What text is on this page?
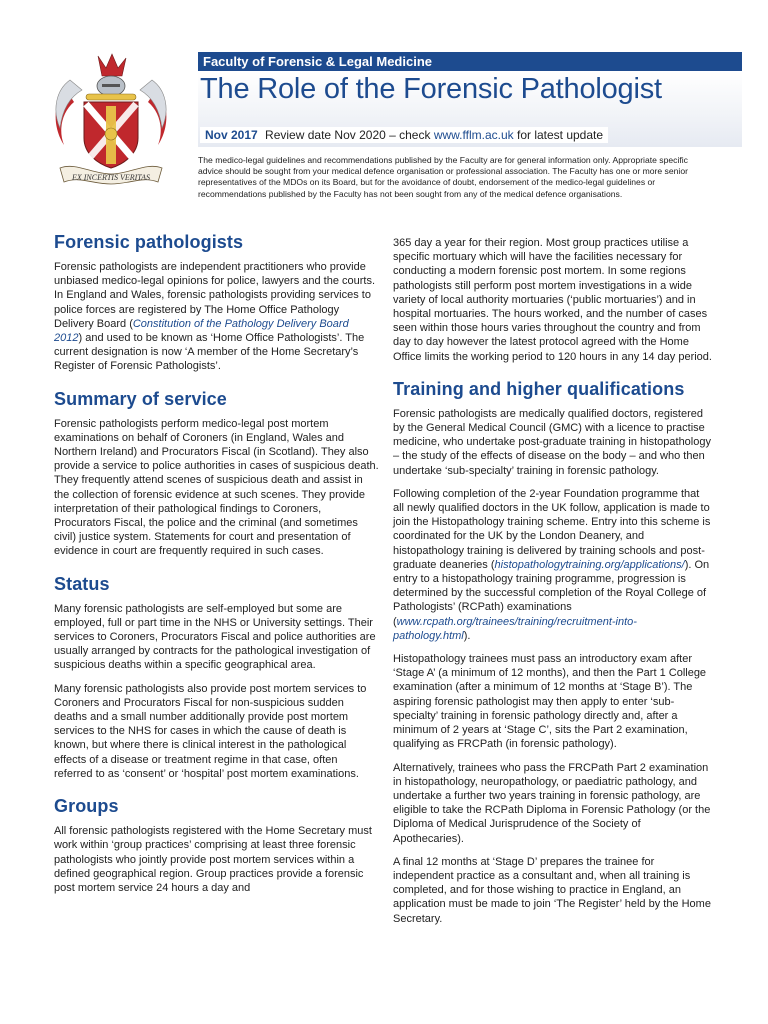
EX INCERTIS VERITAS
Faculty of Forensic & Legal Medicine
The Role of the Forensic Pathologist
Nov 2017 Review date Nov 2020 – check www.fflm.ac.uk for latest update

The medico-legal guidelines and recommendations published by the Faculty are for general information only. Appropriate specific advice should be sought from your medical defence organisation or professional association. The Faculty has one or more senior representatives of the MDOs on its Board, but for the avoidance of doubt, endorsement of the medico-legal guidelines or recommendations published by the Faculty has not been sought from any of the medical defence organisations.

Forensic pathologists

Forensic pathologists are independent practitioners who provide unbiased medico-legal opinions for police, lawyers and the courts. In England and Wales, forensic pathologists providing services to police forces are registered by The Home Office Pathology Delivery Board (Constitution of the Pathology Delivery Board 2012) and used to be known as ‘Home Office Pathologists’. The current designation is now ‘A member of the Home Secretary’s Register of Forensic Pathologists’.

Summary of service

Forensic pathologists perform medico-legal post mortem examinations on behalf of Coroners (in England, Wales and Northern Ireland) and Procurators Fiscal (in Scotland). They also provide a service to police authorities in cases of suspicious death. They frequently attend scenes of suspicious death and assist in the collection of forensic evidence at such scenes. They provide interpretation of their pathological findings to Coroners, Procurators Fiscal, the police and the criminal (and sometimes civil) justice system. Statements for court and presentation of evidence in court are frequently required in such cases.

Status

Many forensic pathologists are self-employed but some are employed, full or part time in the NHS or University settings. Their services to Coroners, Procurators Fiscal and police authorities are usually arranged by contracts for the pathological investigation of suspicious deaths within a specific geographical area.

Many forensic pathologists also provide post mortem services to Coroners and Procurators Fiscal for non-suspicious sudden deaths and a small number additionally provide post mortem services to the NHS for cases in which the cause of death is known, but where there is clinical interest in the pathological effects of a disease or treatment regime in that case, often referred to as ‘consent’ or ‘hospital’ post mortem examinations.

Groups

All forensic pathologists registered with the Home Secretary must work within ‘group practices’ comprising at least three forensic pathologists who jointly provide post mortem services within a defined geographical region. Group practices provide a forensic post mortem service 24 hours a day and

365 day a year for their region. Most group practices utilise a specific mortuary which will have the facilities necessary for conducting a modern forensic post mortem. In some regions pathologists still perform post mortem investigations in a wide variety of local authority mortuaries (‘public mortuaries’) and in hospital mortuaries. The hours worked, and the number of cases seen within those hours varies throughout the country and from day to day however the latest protocol agreed with the Home Office limits the working period to 120 hours in any 14 day period.

Training and higher qualifications

Forensic pathologists are medically qualified doctors, registered by the General Medical Council (GMC) with a licence to practise medicine, who undertake post-graduate training in histopathology – the study of the effects of disease on the body – and who then undertake ‘sub-specialty’ training in forensic pathology.

Following completion of the 2-year Foundation programme that all newly qualified doctors in the UK follow, application is made to join the Histopathology training scheme. Entry into this scheme is coordinated for the UK by the London Deanery, and histopathology training is delivered by training schools and post-graduate deaneries (histopathologytraining.org/applications/). On entry to a histopathology training programme, progression is determined by the successful completion of the Royal College of Pathologists’ (RCPath) examinations (www.rcpath.org/trainees/training/recruitment-into-pathology.html).

Histopathology trainees must pass an introductory exam after ‘Stage A’ (a minimum of 12 months), and then the Part 1 College examination (after a minimum of 12 months at ‘Stage B’). The aspiring forensic pathologist may then apply to enter ‘sub-specialty’ training in forensic pathology directly and, after a minimum of 2 years at ‘Stage C’, sits the Part 2 examination, qualifying as FRCPath (in forensic pathology).

Alternatively, trainees who pass the FRCPath Part 2 examination in histopathology, neuropathology, or paediatric pathology, and undertake a further two years training in forensic pathology, are eligible to take the RCPath Diploma in Forensic Pathology (or the Diploma of Medical Jurisprudence of the Society of Apothecaries).

A final 12 months at ‘Stage D’ prepares the trainee for independent practice as a consultant and, when all training is completed, and for those wishing to practice in England, an application must be made to join ‘The Register’ held by the Home Secretary.
